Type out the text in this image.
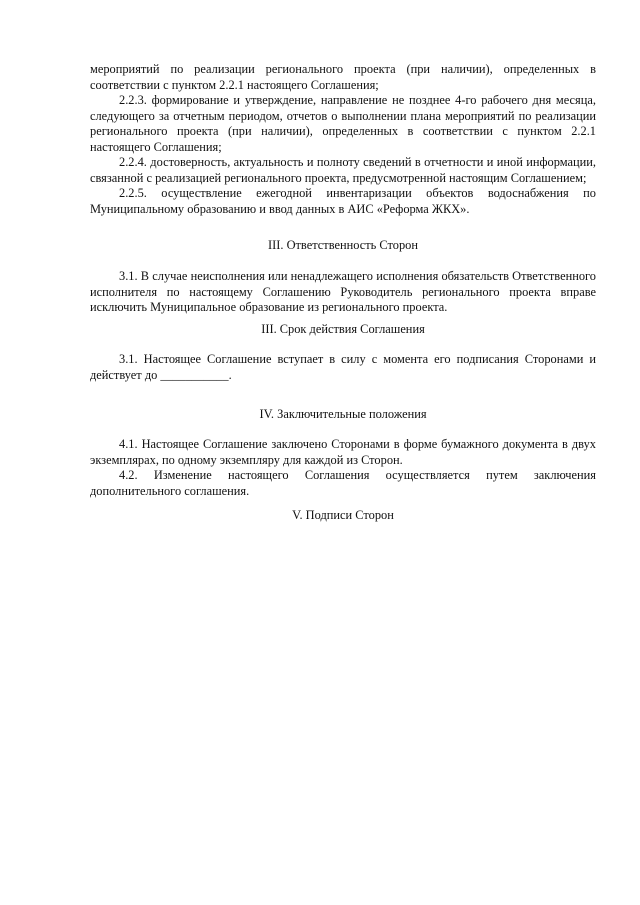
мероприятий по реализации регионального проекта (при наличии), определенных в соответствии с пунктом 2.2.1 настоящего Соглашения;

2.2.3. формирование и утверждение, направление не позднее 4-го рабочего дня месяца, следующего за отчетным периодом, отчетов о выполнении плана мероприятий по реализации регионального проекта (при наличии), определенных в соответствии с пунктом 2.2.1 настоящего Соглашения;

2.2.4. достоверность, актуальность и полноту сведений в отчетности и иной информации, связанной с реализацией регионального проекта, предусмотренной настоящим Соглашением;

2.2.5. осуществление ежегодной инвентаризации объектов водоснабжения по Муниципальному образованию и ввод данных в АИС «Реформа ЖКХ».

III. Ответственность Сторон

3.1. В случае неисполнения или ненадлежащего исполнения обязательств Ответственного исполнителя по настоящему Соглашению Руководитель регионального проекта вправе исключить Муниципальное образование из регионального проекта.

III. Срок действия Соглашения

3.1. Настоящее Соглашение вступает в силу с момента его подписания Сторонами и действует до ___________.

IV. Заключительные положения

4.1. Настоящее Соглашение заключено Сторонами в форме бумажного документа в двух экземплярах, по одному экземпляру для каждой из Сторон.

4.2. Изменение настоящего Соглашения осуществляется путем заключения дополнительного соглашения.

V. Подписи Сторон
